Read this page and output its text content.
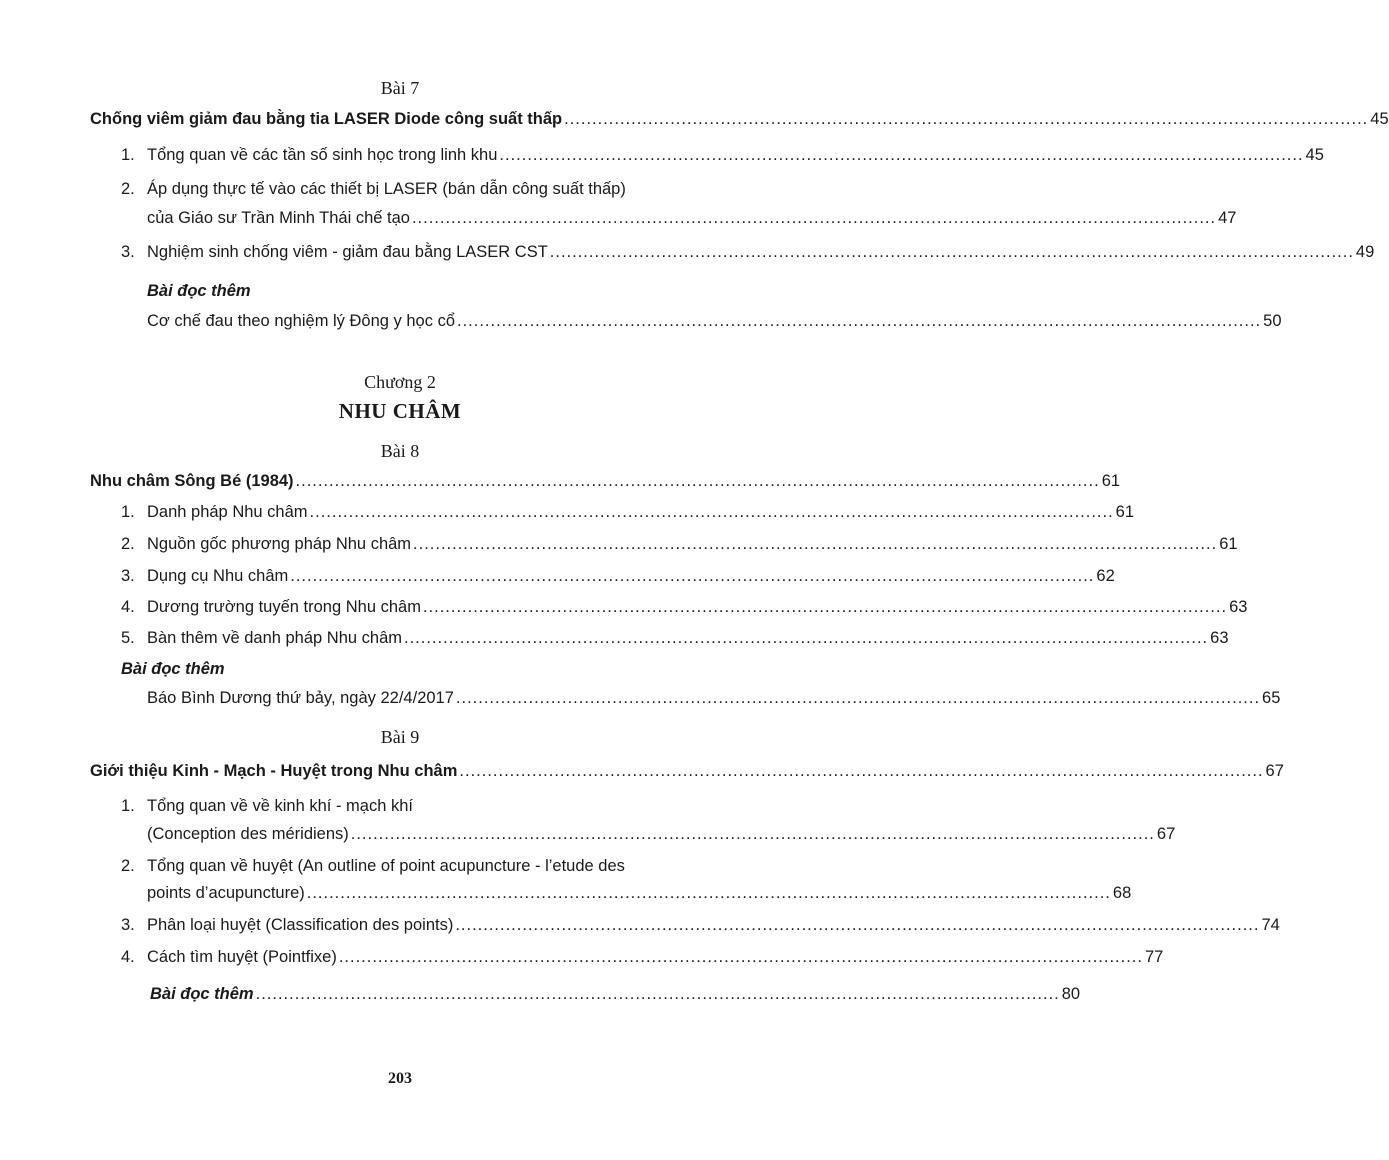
Bài 7
Chống viêm giảm đau bằng tia LASER Diode công suất thấp ................................................................................................................................................ 45
1. Tổng quan về các tần số sinh học trong linh khu ................................................................................................................................................ 45
2. Áp dụng thực tế vào các thiết bị LASER (bán dẫn công suất thấp)
của Giáo sư Trần Minh Thái chế tạo ................................................................................................................................................ 47
3. Nghiệm sinh chống viêm - giảm đau bằng LASER CST ................................................................................................................................................ 49
Bài đọc thêm
Cơ chế đau theo nghiệm lý Đông y học cổ ................................................................................................................................................ 50
Chương 2
NHU CHÂM
Bài 8
Nhu châm Sông Bé (1984) ................................................................................................................................................ 61
1. Danh pháp Nhu châm ................................................................................................................................................ 61
2. Nguồn gốc phương pháp Nhu châm ................................................................................................................................................ 61
3. Dụng cụ Nhu châm ................................................................................................................................................ 62
4. Dương trường tuyến trong Nhu châm ................................................................................................................................................ 63
5. Bàn thêm về danh pháp Nhu châm ................................................................................................................................................ 63
Bài đọc thêm
Báo Bình Dương thứ bảy, ngày 22/4/2017 ................................................................................................................................................ 65
Bài 9
Giới thiệu Kinh - Mạch - Huyệt trong Nhu châm ................................................................................................................................................ 67
1. Tổng quan về về kinh khí - mạch khí
(Conception des méridiens) ................................................................................................................................................ 67
2. Tổng quan về huyệt (An outline of point acupuncture - l’etude des
points d’acupuncture) ................................................................................................................................................ 68
3. Phân loại huyệt (Classification des points) ................................................................................................................................................ 74
4. Cách tìm huyệt (Pointfixe) ................................................................................................................................................ 77
Bài đọc thêm ................................................................................................................................................ 80
203
